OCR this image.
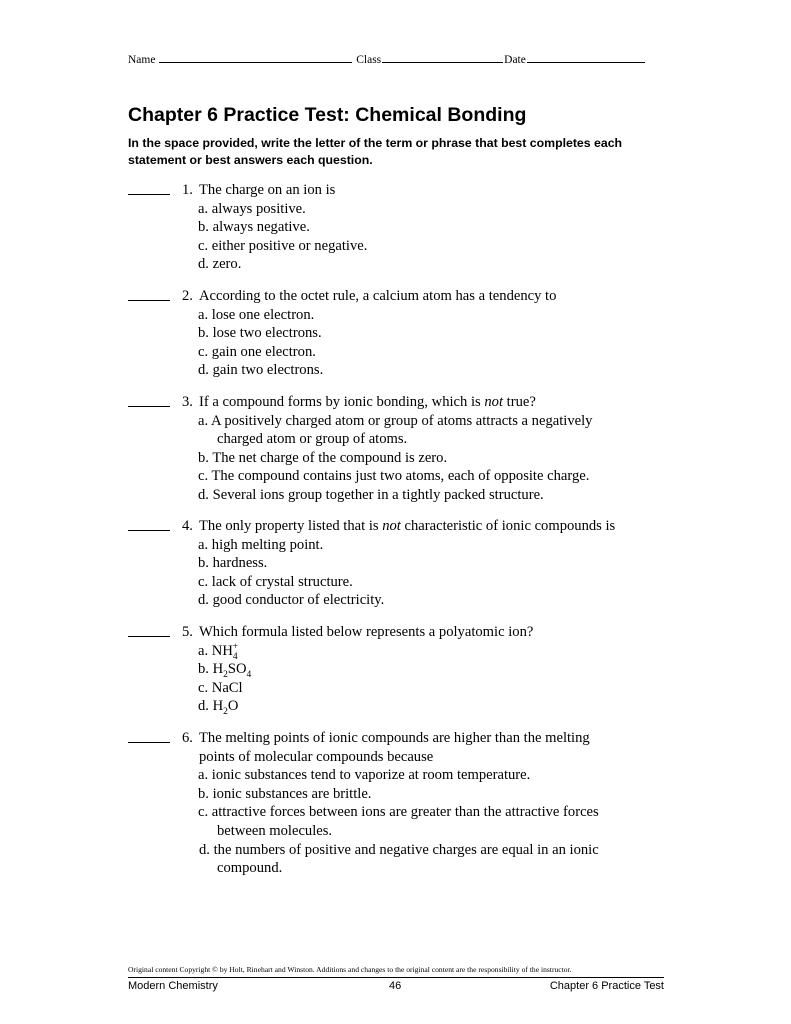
Name	Class	Date
Chapter 6 Practice Test: Chemical Bonding
In the space provided, write the letter of the term or phrase that best completes each statement or best answers each question.
1. The charge on an ion is
a. always positive.
b. always negative.
c. either positive or negative.
d. zero.
2. According to the octet rule, a calcium atom has a tendency to
a. lose one electron.
b. lose two electrons.
c. gain one electron.
d. gain two electrons.
3. If a compound forms by ionic bonding, which is not true?
a. A positively charged atom or group of atoms attracts a negatively
charged atom or group of atoms.
b. The net charge of the compound is zero.
c. The compound contains just two atoms, each of opposite charge.
d. Several ions group together in a tightly packed structure.
4. The only property listed that is not characteristic of ionic compounds is
a. high melting point.
b. hardness.
c. lack of crystal structure.
d. good conductor of electricity.
5. Which formula listed below represents a polyatomic ion?
a. $NH_4^+$
b. $H_2SO_4$
c. NaCl
d. $H_2O$
6. The melting points of ionic compounds are higher than the melting
points of molecular compounds because
a. ionic substances tend to vaporize at room temperature.
b. ionic substances are brittle.
c. attractive forces between ions are greater than the attractive forces
between molecules.
d. the numbers of positive and negative charges are equal in an ionic
compound.
Original content Copyright © by Holt, Rinehart and Winston. Additions and changes to the original content are the responsibility of the instructor.
Modern Chemistry	46	Chapter 6 Practice Test
